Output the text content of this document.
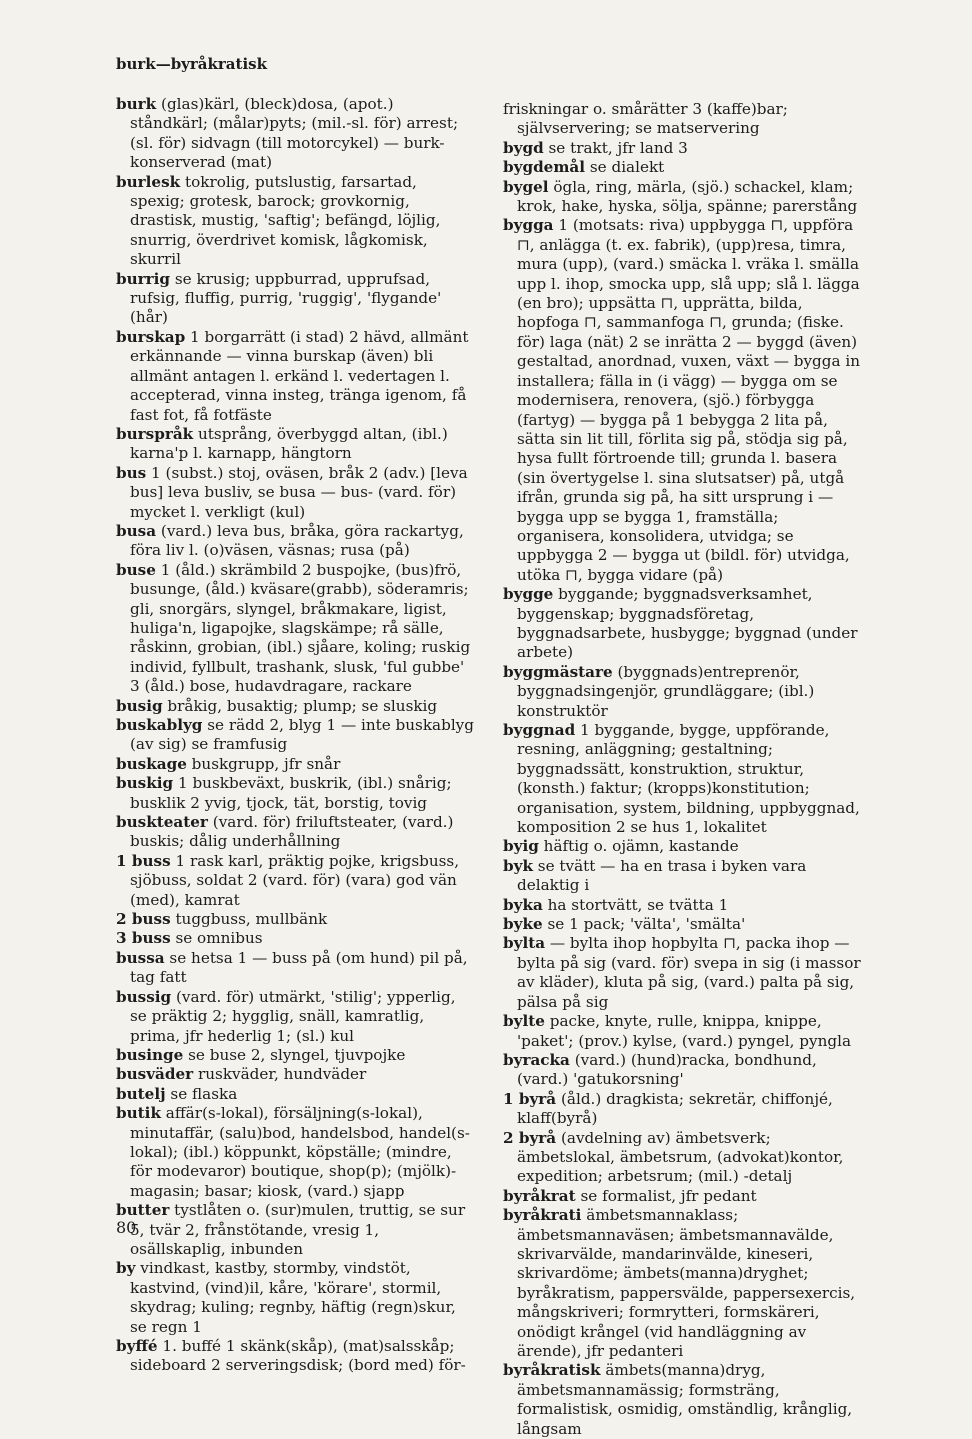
burk—byråkratisk

burk (glas)kärl, (bleck)dosa, (apot.) ståndkärl; (målar)pyts; (mil.-sl. för) arrest; (sl. för) sidvagn (till motorcykel) — burk- konserverad (mat)

burlesk tokrolig, putslustig, farsartad, spexig; grotesk, barock; grovkornig, drastisk, mustig, 'saftig'; befängd, löjlig, snurrig, överdrivet komisk, lågkomisk, skurril

burrig se krusig; uppburrad, upprufsad, rufsig, fluffig, purrig, 'ruggig', 'flygande' (hår)

burskap 1 borgarrätt (i stad) 2 hävd, allmänt erkännande — vinna burskap (även) bli allmänt antagen l. erkänd l. vedertagen l. accepterad, vinna insteg, tränga igenom, få fast fot, få fotfäste

burspråk utsprång, överbyggd altan, (ibl.) karna'p l. karnapp, hängtorn

bus 1 (subst.) stoj, oväsen, bråk 2 (adv.) [leva bus] leva busliv, se busa — bus- (vard. för) mycket l. verkligt (kul)

busa (vard.) leva bus, bråka, göra rackartyg, föra liv l. (o)väsen, väsnas; rusa (på)

buse 1 (åld.) skrämbild 2 buspojke, (bus)frö, busunge, (åld.) kväsare(grabb), söderamris; gli, snorgärs, slyngel, bråkmakare, ligist, huliga'n, ligapojke, slagskämpe; rå sälle, råskinn, grobian, (ibl.) sjåare, koling; ruskig individ, fyllbult, trashank, slusk, 'ful gubbe' 3 (åld.) bose, hudavdragare, rackare

busig bråkig, busaktig; plump; se sluskig

buskablyg se rädd 2, blyg 1 — inte buskablyg (av sig) se framfusig

buskage buskgrupp, jfr snår

buskig 1 buskbeväxt, buskrik, (ibl.) snårig; busklik 2 yvig, tjock, tät, borstig, tovig

buskteater (vard. för) friluftsteater, (vard.) buskis; dålig underhållning

1 buss 1 rask karl, präktig pojke, krigsbuss, sjöbuss, soldat 2 (vard. för) (vara) god vän (med), kamrat

2 buss tuggbuss, mullbänk

3 buss se omnibus

bussa se hetsa 1 — buss på (om hund) pil på, tag fatt

bussig (vard. för) utmärkt, 'stilig'; ypperlig, se präktig 2; hygglig, snäll, kamratlig, prima, jfr hederlig 1; (sl.) kul

businge se buse 2, slyngel, tjuvpojke

busväder ruskväder, hundväder

butelj se flaska

butik affär(s-lokal), försäljning(s-lokal), minutaffär, (salu)bod, handelsbod, handel(s-lokal); (ibl.) köppunkt, köpställe; (mindre, för modevaror) boutique, shop(p); (mjölk)-magasin; basar; kiosk, (vard.) sjapp

butter tystlåten o. (sur)mulen, truttig, se sur 5, tvär 2, frånstötande, vresig 1, osällskaplig, inbunden

by vindkast, kastby, stormby, vindstöt, kastvind, (vind)il, kåre, 'körare', stormil, skydrag; kuling; regnby, häftig (regn)skur, se regn 1

byffé 1. buffé 1 skänk(skåp), (mat)salsskåp; sideboard 2 serveringsdisk; (bord med) för-

friskningar o. smårätter 3 (kaffe)bar; självservering; se matservering

bygd se trakt, jfr land 3

bygdemål se dialekt

bygel ögla, ring, märla, (sjö.) schackel, klam; krok, hake, hyska, sölja, spänne; parerstång

bygga 1 (motsats: riva) uppbygga ⊓, uppföra ⊓, anlägga (t. ex. fabrik), (upp)resa, timra, mura (upp), (vard.) smäcka l. vräka l. smälla upp l. ihop, smocka upp, slå upp; slå l. lägga (en bro); uppsätta ⊓, upprätta, bilda, hopfoga ⊓, sammanfoga ⊓, grunda; (fiske. för) laga (nät) 2 se inrätta 2 — byggd (även) gestaltad, anordnad, vuxen, växt — bygga in installera; fälla in (i vägg) — bygga om se modernisera, renovera, (sjö.) förbygga (fartyg) — bygga på 1 bebygga 2 lita på, sätta sin lit till, förlita sig på, stödja sig på, hysa fullt förtroende till; grunda l. basera (sin övertygelse l. sina slutsatser) på, utgå ifrån, grunda sig på, ha sitt ursprung i — bygga upp se bygga 1, framställa; organisera, konsolidera, utvidga; se uppbygga 2 — bygga ut (bildl. för) utvidga, utöka ⊓, bygga vidare (på)

bygge byggande; byggnadsverksamhet, byggenskap; byggnadsföretag, byggnadsarbete, husbygge; byggnad (under arbete)

byggmästare (byggnads)entreprenör, byggnadsingenjör, grundläggare; (ibl.) konstruktör

byggnad 1 byggande, bygge, uppförande, resning, anläggning; gestaltning; byggnadssätt, konstruktion, struktur, (konsth.) faktur; (kropps)konstitution; organisation, system, bildning, uppbyggnad, komposition 2 se hus 1, lokalitet

byig häftig o. ojämn, kastande

byk se tvätt — ha en trasa i byken vara delaktig i

byka ha stortvätt, se tvätta 1

byke se 1 pack; 'välta', 'smälta'

bylta — bylta ihop hopbylta ⊓, packa ihop — bylta på sig (vard. för) svepa in sig (i massor av kläder), kluta på sig, (vard.) palta på sig, pälsa på sig

bylte packe, knyte, rulle, knippa, knippe, 'paket'; (prov.) kylse, (vard.) pyngel, pyngla

byracka (vard.) (hund)racka, bondhund, (vard.) 'gatukorsning'

1 byrå (åld.) dragkista; sekretär, chiffonjé, klaff(byrå)

2 byrå (avdelning av) ämbetsverk; ämbetslokal, ämbetsrum, (advokat)kontor, expedition; arbetsrum; (mil.) -detalj

byråkrat se formalist, jfr pedant

byråkrati ämbetsmannaklass; ämbetsmannaväsen; ämbetsmannavälde, skrivarvälde, mandarinvälde, kineseri, skrivardöme; ämbets(manna)dryghet; byråkratism, pappersvälde, pappersexercis, mångskriveri; formrytteri, formskäreri, onödigt krångel (vid handläggning av ärende), jfr pedanteri

byråkratisk ämbets(manna)dryg, ämbetsmannamässig; formsträng, formalistisk, osmidig, omständlig, krånglig, långsam

80
